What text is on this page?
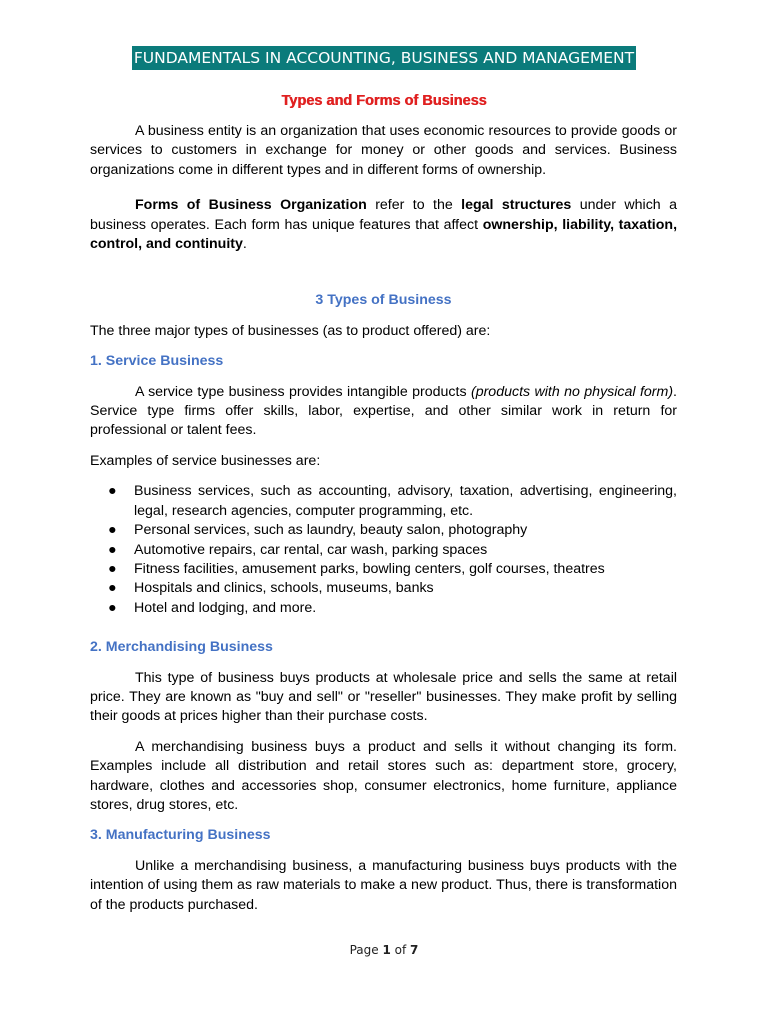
FUNDAMENTALS IN ACCOUNTING, BUSINESS AND MANAGEMENT
Types and Forms of Business

A business entity is an organization that uses economic resources to provide goods or services to customers in exchange for money or other goods and services. Business organizations come in different types and in different forms of ownership.

Forms of Business Organization refer to the legal structures under which a business operates. Each form has unique features that affect ownership, liability, taxation, control, and continuity.

3 Types of Business

The three major types of businesses (as to product offered) are:

1. Service Business

A service type business provides intangible products (products with no physical form). Service type firms offer skills, labor, expertise, and other similar work in return for professional or talent fees.

Examples of service businesses are:

● Business services, such as accounting, advisory, taxation, advertising, engineering, legal, research agencies, computer programming, etc.
● Personal services, such as laundry, beauty salon, photography
● Automotive repairs, car rental, car wash, parking spaces
● Fitness facilities, amusement parks, bowling centers, golf courses, theatres
● Hospitals and clinics, schools, museums, banks
● Hotel and lodging, and more.

2. Merchandising Business

This type of business buys products at wholesale price and sells the same at retail price. They are known as "buy and sell" or "reseller" businesses. They make profit by selling their goods at prices higher than their purchase costs.

A merchandising business buys a product and sells it without changing its form. Examples include all distribution and retail stores such as: department store, grocery, hardware, clothes and accessories shop, consumer electronics, home furniture, appliance stores, drug stores, etc.

3. Manufacturing Business

Unlike a merchandising business, a manufacturing business buys products with the intention of using them as raw materials to make a new product. Thus, there is transformation of the products purchased.

Page 1 of 7
